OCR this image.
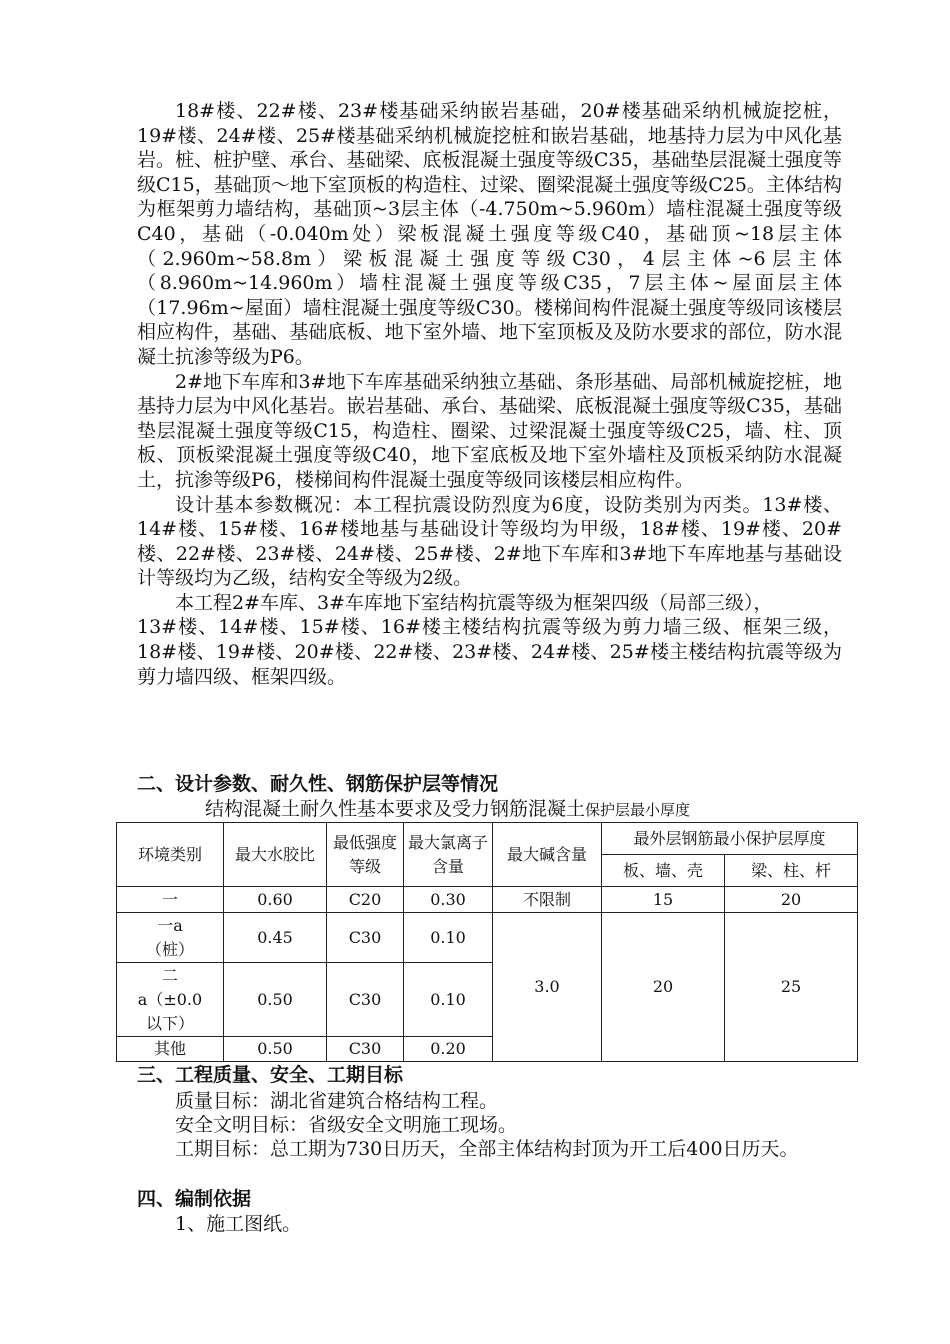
18#楼、22#楼、23#楼基础采纳嵌岩基础，20#楼基础采纳机械旋挖桩，19#楼、24#楼、25#楼基础采纳机械旋挖桩和嵌岩基础，地基持力层为中风化基岩。桩、桩护壁、承台、基础梁、底板混凝土强度等级C35，基础垫层混凝土强度等级C15，基础顶～地下室顶板的构造柱、过梁、圈梁混凝土强度等级C25。主体结构为框架剪力墙结构，基础顶~3层主体（-4.750m~5.960m）墙柱混凝土强度等级C40，基础（-0.040m处）梁板混凝土强度等级C40，基础顶~18层主体（2.960m~58.8m）梁板混凝土强度等级C30，4层主体~6层主体（8.960m~14.960m）墙柱混凝土强度等级C35，7层主体~屋面层主体（17.96m~屋面）墙柱混凝土强度等级C30。楼梯间构件混凝土强度等级同该楼层相应构件，基础、基础底板、地下室外墙、地下室顶板及及防水要求的部位，防水混凝土抗渗等级为P6。

2#地下车库和3#地下车库基础采纳独立基础、条形基础、局部机械旋挖桩，地基持力层为中风化基岩。嵌岩基础、承台、基础梁、底板混凝土强度等级C35，基础垫层混凝土强度等级C15，构造柱、圈梁、过梁混凝土强度等级C25，墙、柱、顶板、顶板梁混凝土强度等级C40，地下室底板及地下室外墙柱及顶板采纳防水混凝土，抗渗等级P6，楼梯间构件混凝土强度等级同该楼层相应构件。

设计基本参数概况：本工程抗震设防烈度为6度，设防类别为丙类。13#楼、14#楼、15#楼、16#楼地基与基础设计等级均为甲级，18#楼、19#楼、20#楼、22#楼、23#楼、24#楼、25#楼、2#地下车库和3#地下车库地基与基础设计等级均为乙级，结构安全等级为2级。

本工程2#车库、3#车库地下室结构抗震等级为框架四级（局部三级），

13#楼、14#楼、15#楼、16#楼主楼结构抗震等级为剪力墙三级、框架三级，18#楼、19#楼、20#楼、22#楼、23#楼、24#楼、25#楼主楼结构抗震等级为剪力墙四级、框架四级。

二、设计参数、耐久性、钢筋保护层等情况
结构混凝土耐久性基本要求及受力钢筋混凝土保护层最小厚度
环境类别	最大水胶比	最低强度等级	最大氯离子含量	最大碱含量	最外层钢筋最小保护层厚度	
					板、墙、壳	梁、柱、杆
一	0.60	C20	0.30	不限制	15	20

一a
（桩）	0.45	C30	0.10	3.0	20	25

二
a（±0.0
以下）	0.50	C30	0.10			
其他	0.50	C30	0.20			
三、工程质量、安全、工期目标

质量目标：湖北省建筑合格结构工程。

安全文明目标：省级安全文明施工现场。

工期目标：总工期为730日历天，全部主体结构封顶为开工后400日历天。

四、编制依据

1、施工图纸。
